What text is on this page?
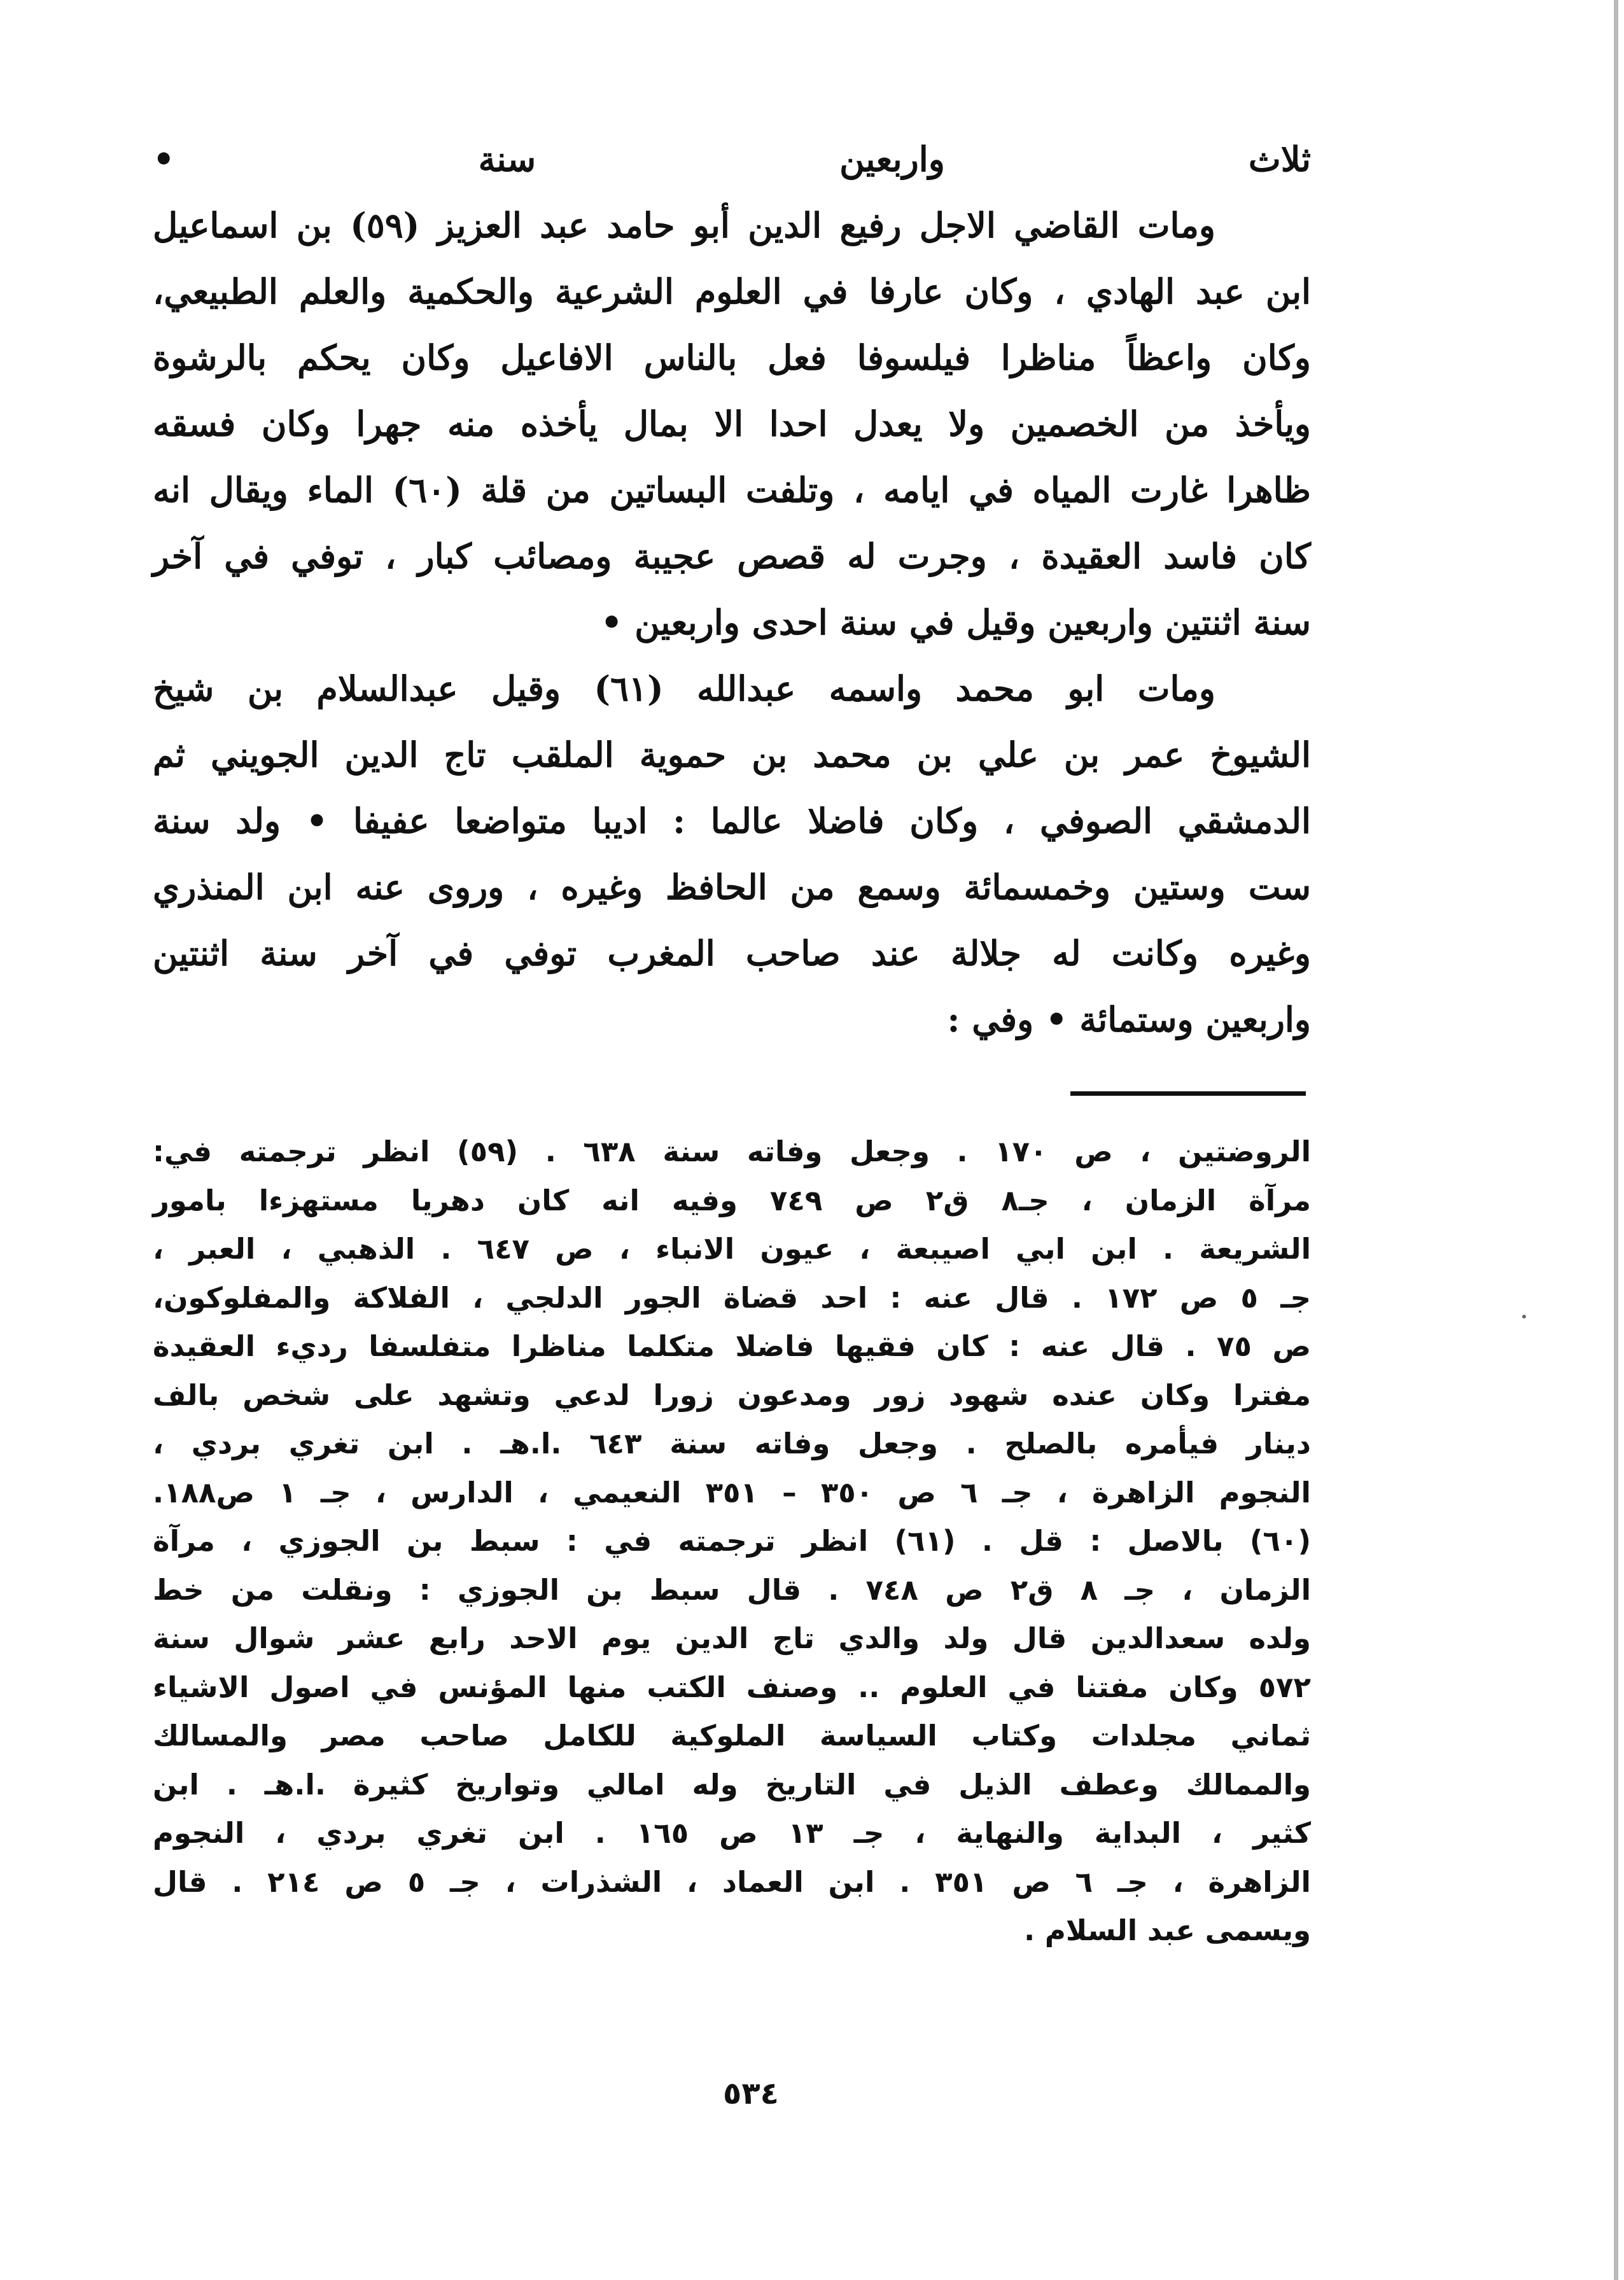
ثلاث واربعين سنة •
ومات القاضي الاجل رفيع الدين أبو حامد عبد العزيز (٥٩) بن اسماعيل
ابن عبد الهادي ، وكان عارفا في العلوم الشرعية والحكمية والعلم الطبيعي،
وكان واعظاً مناظرا فيلسوفا فعل بالناس الافاعيل وكان يحكم بالرشوة
ويأخذ من الخصمين ولا يعدل احدا الا بمال يأخذه منه جهرا وكان فسقه
ظاهرا غارت المياه في ايامه ، وتلفت البساتين من قلة (٦٠) الماء ويقال انه
كان فاسد العقيدة ، وجرت له قصص عجيبة ومصائب كبار ، توفي في آخر
سنة اثنتين واربعين وقيل في سنة احدى واربعين •
ومات ابو محمد واسمه عبدالله (٦١) وقيل عبدالسلام بن شيخ
الشيوخ عمر بن علي بن محمد بن حموية الملقب تاج الدين الجويني ثم
الدمشقي الصوفي ، وكان فاضلا عالما : اديبا متواضعا عفيفا • ولد سنة
ست وستين وخمسمائة وسمع من الحافظ وغيره ، وروى عنه ابن المنذري
وغيره وكانت له جلالة عند صاحب المغرب توفي في آخر سنة اثنتين
واربعين وستمائة • وفي :
الروضتين ، ص ١٧٠ . وجعل وفاته سنة ٦٣٨ . (٥٩) انظر ترجمته في:
مرآة الزمان ، جـ٨ ق٢ ص ٧٤٩ وفيه انه كان دهريا مستهزءا بامور
الشريعة . ابن ابي اصيبعة ، عيون الانباء ، ص ٦٤٧ . الذهبي ، العبر ،
جـ ٥ ص ١٧٢ . قال عنه : احد قضاة الجور الدلجي ، الفلاكة والمفلوكون،
ص ٧٥ . قال عنه : كان فقيها فاضلا متكلما مناظرا متفلسفا رديء العقيدة
مفترا وكان عنده شهود زور ومدعون زورا لدعي وتشهد على شخص بالف
دينار فيأمره بالصلح . وجعل وفاته سنة ٦٤٣ .ا.هـ . ابن تغري بردي ،
النجوم الزاهرة ، جـ ٦ ص ٣٥٠ – ٣٥١ النعيمي ، الدارس ، جـ ١ ص١٨٨.
(٦٠) بالاصل : قل . (٦١) انظر ترجمته في : سبط بن الجوزي ، مرآة
الزمان ، جـ ٨ ق٢ ص ٧٤٨ . قال سبط بن الجوزي : ونقلت من خط
ولده سعدالدين قال ولد والدي تاج الدين يوم الاحد رابع عشر شوال سنة
٥٧٢ وكان مفتنا في العلوم .. وصنف الكتب منها المؤنس في اصول الاشياء
ثماني مجلدات وكتاب السياسة الملوكية للكامل صاحب مصر والمسالك
والممالك وعطف الذيل في التاريخ وله امالي وتواريخ كثيرة .ا.هـ . ابن
كثير ، البداية والنهاية ، جـ ١٣ ص ١٦٥ . ابن تغري بردي ، النجوم
الزاهرة ، جـ ٦ ص ٣٥١ . ابن العماد ، الشذرات ، جـ ٥ ص ٢١٤ . قال
ويسمى عبد السلام .
٥٣٤
